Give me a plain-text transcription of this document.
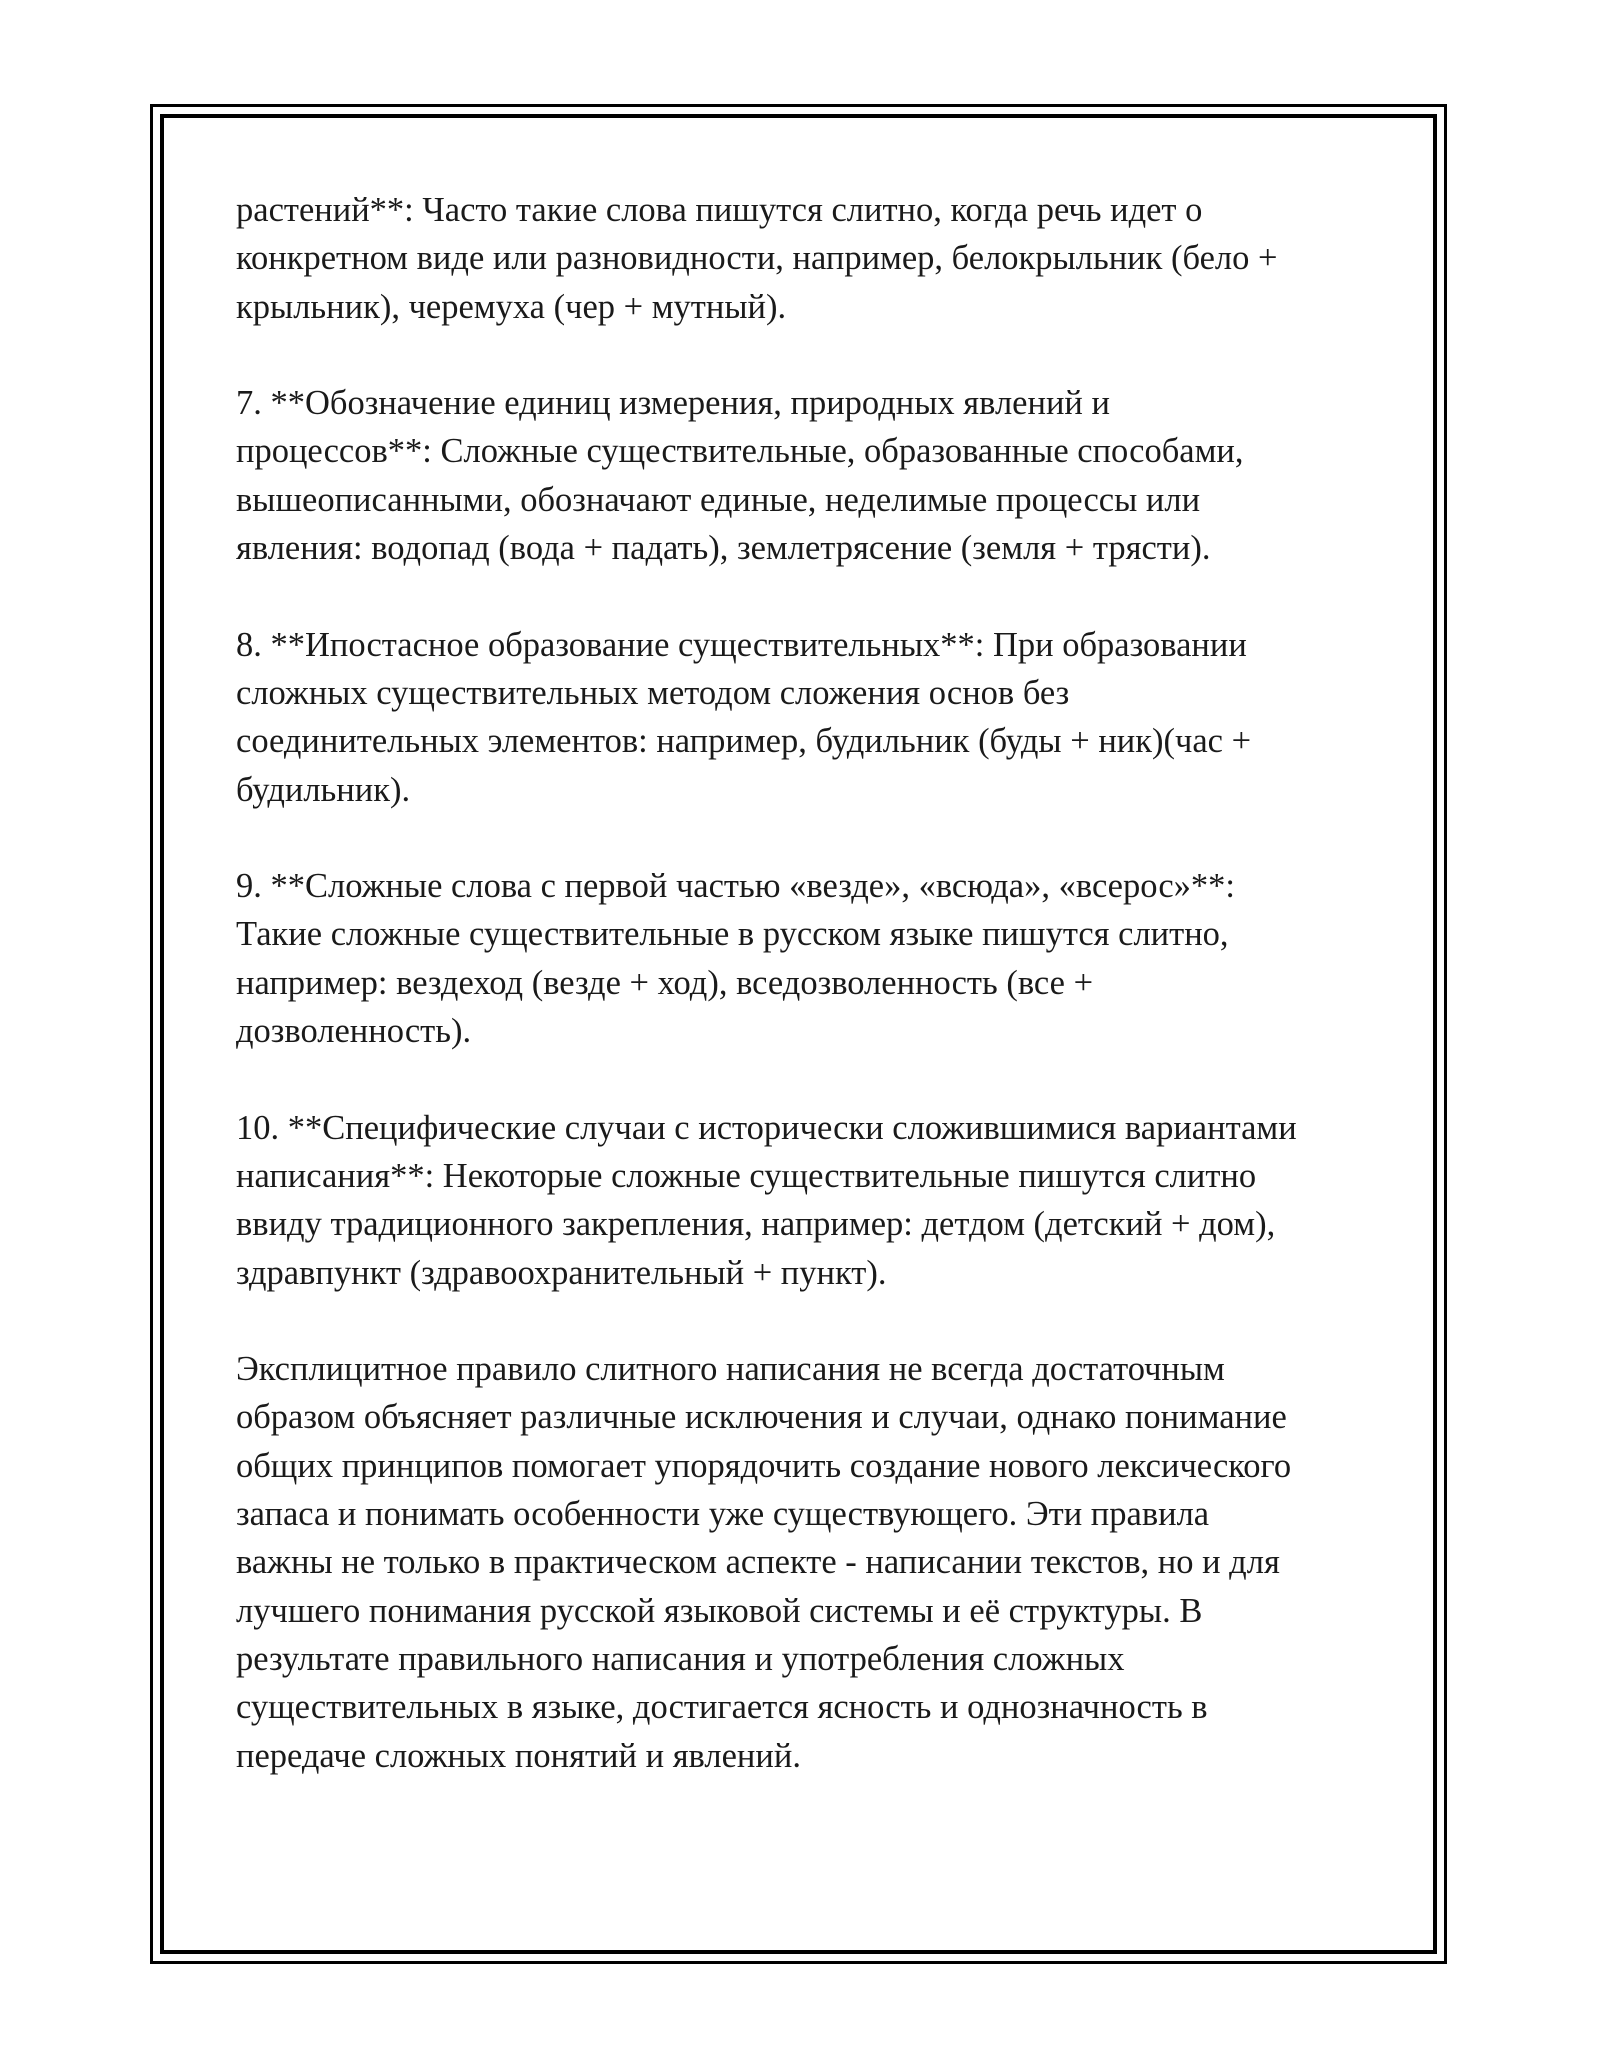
растений**: Часто такие слова пишутся слитно, когда речь идет о
конкретном виде или разновидности, например, белокрыльник (бело +
крыльник), черемуха (чер + мутный).

7. **Обозначение единиц измерения, природных явлений и
процессов**: Сложные существительные, образованные способами,
вышеописанными, обозначают единые, неделимые процессы или
явления: водопад (вода + падать), землетрясение (земля + трясти).

8. **Ипостасное образование существительных**: При образовании
сложных существительных методом сложения основ без
соединительных элементов: например, будильник (буды + ник)(час +
будильник).

9. **Сложные слова с первой частью «везде», «всюда», «всерос»**:
Такие сложные существительные в русском языке пишутся слитно,
например: вездеход (везде + ход), вседозволенность (все +
дозволенность).

10. **Специфические случаи с исторически сложившимися вариантами
написания**: Некоторые сложные существительные пишутся слитно
ввиду традиционного закрепления, например: детдом (детский + дом),
здравпункт (здравоохранительный + пункт).

Эксплицитное правило слитного написания не всегда достаточным
образом объясняет различные исключения и случаи, однако понимание
общих принципов помогает упорядочить создание нового лексического
запаса и понимать особенности уже существующего. Эти правила
важны не только в практическом аспекте - написании текстов, но и для
лучшего понимания русской языковой системы и её структуры. В
результате правильного написания и употребления сложных
существительных в языке, достигается ясность и однозначность в
передаче сложных понятий и явлений.
